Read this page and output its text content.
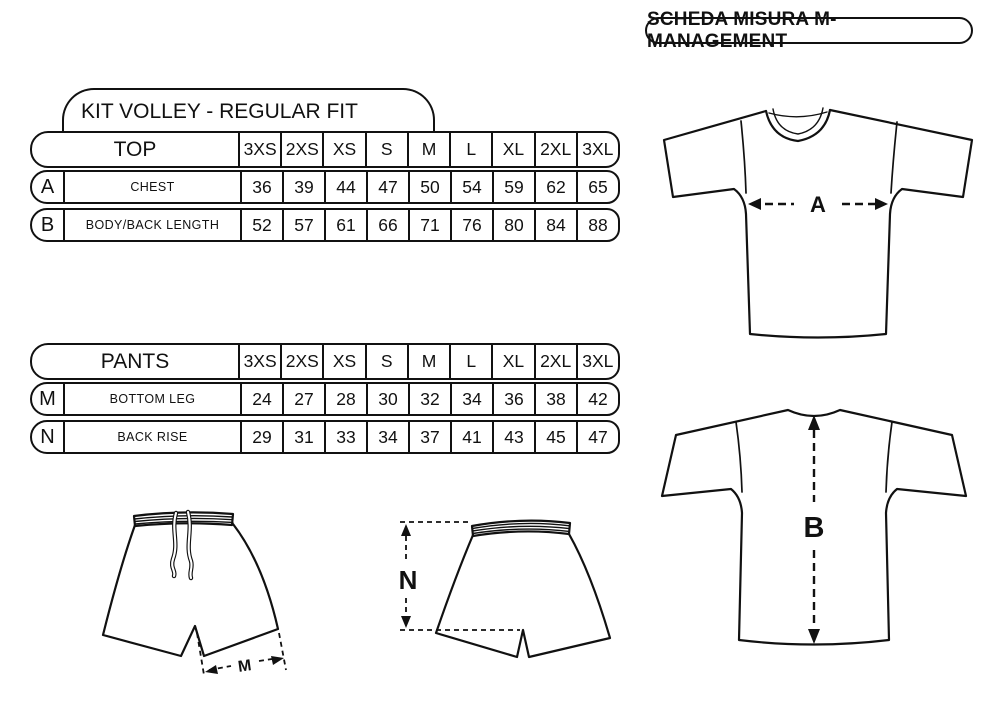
SCHEDA MISURA M-MANAGEMENT
KIT VOLLEY - REGULAR FIT
TOP	3XS 2XS XS	S	M	L	XL 2XL 3XL
A	CHEST	36	39	44	47	50	54	59	62	65
B	BODY/BACK LENGTH	52	57	61	66	71	76	80	84	88
PANTS	3XS 2XS XS	S	M	L	XL 2XL 3XL
M	BOTTOM LEG	24	27	28	30	32	34	36	38	42
N	BACK RISE	29	31	33	34	37	41	43	45	47
A
B
M
N
